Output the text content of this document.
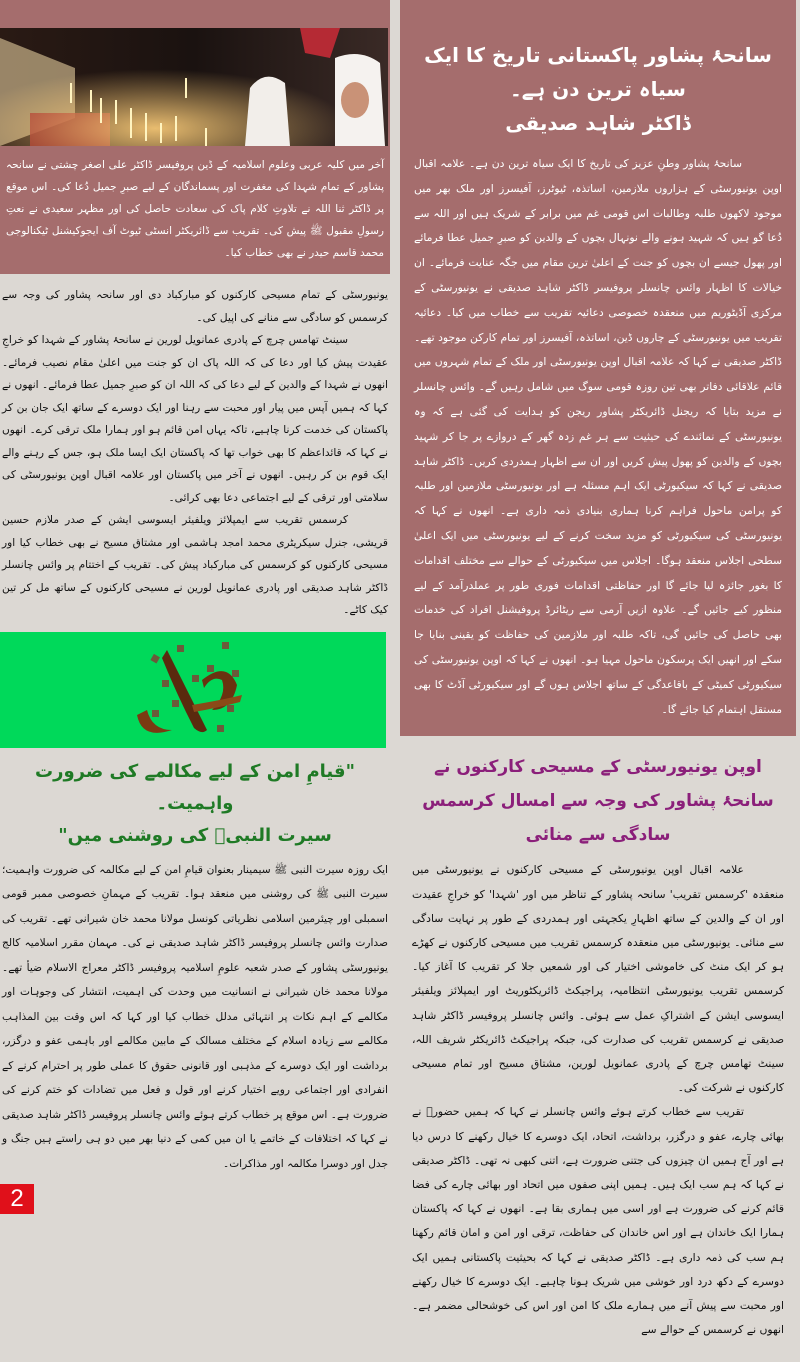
آخر میں کلیہ عربی وعلوم اسلامیہ کے ڈین پروفیسر ڈاکٹر علی اصغر چشتی نے سانحہ پشاور کے تمام شہدا کی مغفرت اور پسماندگان کے لیے صبرِ جمیل دُعا کی۔ اس موقع پر ڈاکٹر ثنا اللہ نے تلاوتِ کلام پاک کی سعادت حاصل کی اور مظہر سعیدی نے نعتِ رسولِ مقبول ﷺ پیش کی۔ تقریب سے ڈائریکٹر انسٹی ٹیوٹ آف ایجوکیشنل ٹیکنالوجی محمد قاسم حیدر نے بھی خطاب کیا۔

یونیورسٹی کے تمام مسیحی کارکنوں کو مبارکباد دی اور سانحہ پشاور کی وجہ سے کرسمس کو سادگی سے منانے کی اپیل کی۔

سینٹ تھامس چرچ کے پادری عمانویل لورین نے سانحۂ پشاور کے شہدا کو خراجِ عقیدت پیش کیا اور دعا کی کہ اللہ پاک ان کو جنت میں اعلیٰ مقام نصیب فرمائے۔ انھوں نے شہدا کے والدین کے لیے دعا کی کہ اللہ ان کو صبرِ جمیل عطا فرمائے۔ انھوں نے کہا کہ ہمیں آپس میں پیار اور محبت سے رہنا اور ایک دوسرے کے ساتھ ایک جان بن کر پاکستان کی خدمت کرنا چاہیے، تاکہ یہاں امن قائم ہو اور ہمارا ملک ترقی کرے۔ انھوں نے کہا کہ قائداعظم کا بھی خواب تھا کہ پاکستان ایک ایسا ملک ہو، جس کے رہنے والے ایک قوم بن کر رہیں۔ انھوں نے آخر میں پاکستان اور علامہ اقبال اوپن یونیورسٹی کی سلامتی اور ترقی کے لیے اجتماعی دعا بھی کرائی۔

کرسمس تقریب سے ایمپلائز ویلفیئر ایسوسی ایشن کے صدر ملازم حسین قریشی، جنرل سیکریٹری محمد امجد ہاشمی اور مشتاق مسیح نے بھی خطاب کیا اور مسیحی کارکنوں کو کرسمس کی مبارکباد پیش کی۔ تقریب کے اختتام پر وائس چانسلر ڈاکٹر شاہد صدیقی اور پادری عمانویل لورین نے مسیحی کارکنوں کے ساتھ مل کر تین کیک کاٹے۔

"قیامِ امن کے لیے مکالمے کی ضرورت واہمیت۔
سیرت النبیؐ کی روشنی میں"

ایک روزہ سیرت النبی ﷺ سیمینار بعنوان قیامِ امن کے لیے مکالمہ کی ضرورت واہمیت؛ سیرت النبی ﷺ کی روشنی میں منعقد ہوا۔ تقریب کے مہمانِ خصوصی ممبر قومی اسمبلی اور چیئرمین اسلامی نظریاتی کونسل مولانا محمد خان شیرانی تھے۔ تقریب کی صدارت وائس چانسلر پروفیسر ڈاکٹر شاہد صدیقی نے کی۔ مہمان مقرر اسلامیہ کالج یونیورسٹی پشاور کے صدر شعبہ علومِ اسلامیہ پروفیسر ڈاکٹر معراج الاسلام ضیأ تھے۔ مولانا محمد خان شیرانی نے انسانیت میں وحدت کی اہمیت، انتشار کی وجوہات اور مکالمے کے اہم نکات پر انتہائی مدلل خطاب کیا اور کہا کہ اس وقت بین المذاہب مکالمے سے زیادہ اسلام کے مختلف مسالک کے مابین مکالمے اور باہمی عفو و درگزر، برداشت اور ایک دوسرے کے مذہبی اور قانونی حقوق کا عملی طور پر احترام کرنے کے انفرادی اور اجتماعی رویے اختیار کرنے اور قول و فعل میں تضادات کو ختم کرنے کی ضرورت ہے۔ اس موقع پر خطاب کرتے ہوئے وائس چانسلر پروفیسر ڈاکٹر شاہد صدیقی نے کہا کہ اختلافات کے خاتمے یا ان میں کمی کے دنیا بھر میں دو ہی راستے ہیں جنگ و جدل اور دوسرا مکالمہ اور مذاکرات۔

2
سانحۂ پشاور پاکستانی تاریخ کا ایک سیاہ ترین دن ہے۔
ڈاکٹر شاہد صدیقی

سانحۂ پشاور وطنِ عزیز کی تاریخ کا ایک سیاہ ترین دن ہے۔ علامہ اقبال اوپن یونیورسٹی کے ہزاروں ملازمین، اساتذہ، ٹیوٹرز، آفیسرز اور ملک بھر میں موجود لاکھوں طلبہ وطالبات اس قومی غم میں برابر کے شریک ہیں اور اللہ سے دُعا گو ہیں کہ شہید ہونے والے نونہال بچوں کے والدین کو صبرِ جمیل عطا فرمائے اور پھول جیسے ان بچوں کو جنت کے اعلیٰ ترین مقام میں جگہ عنایت فرمائے۔ ان خیالات کا اظہار وائس چانسلر پروفیسر ڈاکٹر شاہد صدیقی نے یونیورسٹی کے مرکزی آڈیٹوریم میں منعقدہ خصوصی دعائیہ تقریب سے خطاب میں کیا۔ دعائیہ تقریب میں یونیورسٹی کے چاروں ڈین، اساتذہ، آفیسرز اور تمام کارکن موجود تھے۔ ڈاکٹر صدیقی نے کہا کہ علامہ اقبال اوپن یونیورسٹی اور ملک کے تمام شہروں میں قائم علاقائی دفاتر بھی تین روزہ قومی سوگ میں شامل رہیں گے۔ وائس چانسلر نے مزید بتایا کہ ریجنل ڈائریکٹر پشاور ریجن کو ہدایت کی گئی ہے کہ وہ یونیورسٹی کے نمائندے کی حیثیت سے ہر غم زدہ گھر کے دروازے پر جا کر شہید بچوں کے والدین کو پھول پیش کریں اور ان سے اظہار ہمدردی کریں۔ ڈاکٹر شاہد صدیقی نے کہا کہ سیکیورٹی ایک اہم مسئلہ ہے اور یونیورسٹی ملازمین اور طلبہ کو پرامن ماحول فراہم کرنا ہماری بنیادی ذمہ داری ہے۔ انھوں نے کہا کہ یونیورسٹی کی سیکیورٹی کو مزید سخت کرنے کے لیے یونیورسٹی میں ایک اعلیٰ سطحی اجلاس منعقد ہوگا۔ اجلاس میں سیکیورٹی کے حوالے سے مختلف اقدامات کا بغور جائزہ لیا جائے گا اور حفاظتی اقدامات فوری طور پر عملدرآمد کے لیے منظور کیے جائیں گے۔ علاوہ ازیں آرمی سے ریٹائرڈ پروفیشنل افراد کی خدمات بھی حاصل کی جائیں گی، تاکہ طلبہ اور ملازمین کی حفاظت کو یقینی بنایا جا سکے اور انھیں ایک پرسکون ماحول مہیا ہو۔ انھوں نے کہا کہ اوپن یونیورسٹی کی سیکیورٹی کمیٹی کے باقاعدگی کے ساتھ اجلاس ہوں گے اور سیکیورٹی آڈٹ کا بھی مستقل اہتمام کیا جائے گا۔

اوپن یونیورسٹی کے مسیحی کارکنوں نے سانحۂ پشاور کی وجہ سے امسال کرسمس
سادگی سے منائی

علامہ اقبال اوپن یونیورسٹی کے مسیحی کارکنوں نے یونیورسٹی میں منعقدہ 'کرسمس تقریب' سانحہ پشاور کے تناظر میں اور 'شہدا' کو خراجِ عقیدت اور ان کے والدین کے ساتھ اظہارِ یکجہتی اور ہمدردی کے طور پر نہایت سادگی سے منائی۔ یونیورسٹی میں منعقدہ کرسمس تقریب میں مسیحی کارکنوں نے کھڑے ہو کر ایک منٹ کی خاموشی اختیار کی اور شمعیں جلا کر تقریب کا آغاز کیا۔ کرسمس تقریب یونیورسٹی انتظامیہ، پراجیکٹ ڈائریکٹوریٹ اور ایمپلائز ویلفیئر ایسوسی ایشن کے اشتراکِ عمل سے ہوئی۔ وائس چانسلر پروفیسر ڈاکٹر شاہد صدیقی نے کرسمس تقریب کی صدارت کی، جبکہ پراجیکٹ ڈائریکٹر شریف اللہ، سینٹ تھامس چرچ کے پادری عمانویل لورین، مشتاق مسیح اور تمام مسیحی کارکنوں نے شرکت کی۔

تقریب سے خطاب کرتے ہوئے وائس چانسلر نے کہا کہ ہمیں حضورؐ نے بھائی چارے، عفو و درگزر، برداشت، اتحاد، ایک دوسرے کا خیال رکھنے کا درس دیا ہے اور آج ہمیں ان چیزوں کی جتنی ضرورت ہے، اتنی کبھی نہ تھی۔ ڈاکٹر صدیقی نے کہا کہ ہم سب ایک ہیں۔ ہمیں اپنی صفوں میں اتحاد اور بھائی چارے کی فضا قائم کرنے کی ضرورت ہے اور اسی میں ہماری بقا ہے۔ انھوں نے کہا کہ پاکستان ہمارا ایک خاندان ہے اور اس خاندان کی حفاظت، ترقی اور امن و امان قائم رکھنا ہم سب کی ذمہ داری ہے۔ ڈاکٹر صدیقی نے کہا کہ بحیثیت پاکستانی ہمیں ایک دوسرے کے دکھ درد اور خوشی میں شریک ہونا چاہیے۔ ایک دوسرے کا خیال رکھنے اور محبت سے پیش آنے میں ہمارے ملک کا امن اور اس کی خوشحالی مضمر ہے۔ انھوں نے کرسمس کے حوالے سے
